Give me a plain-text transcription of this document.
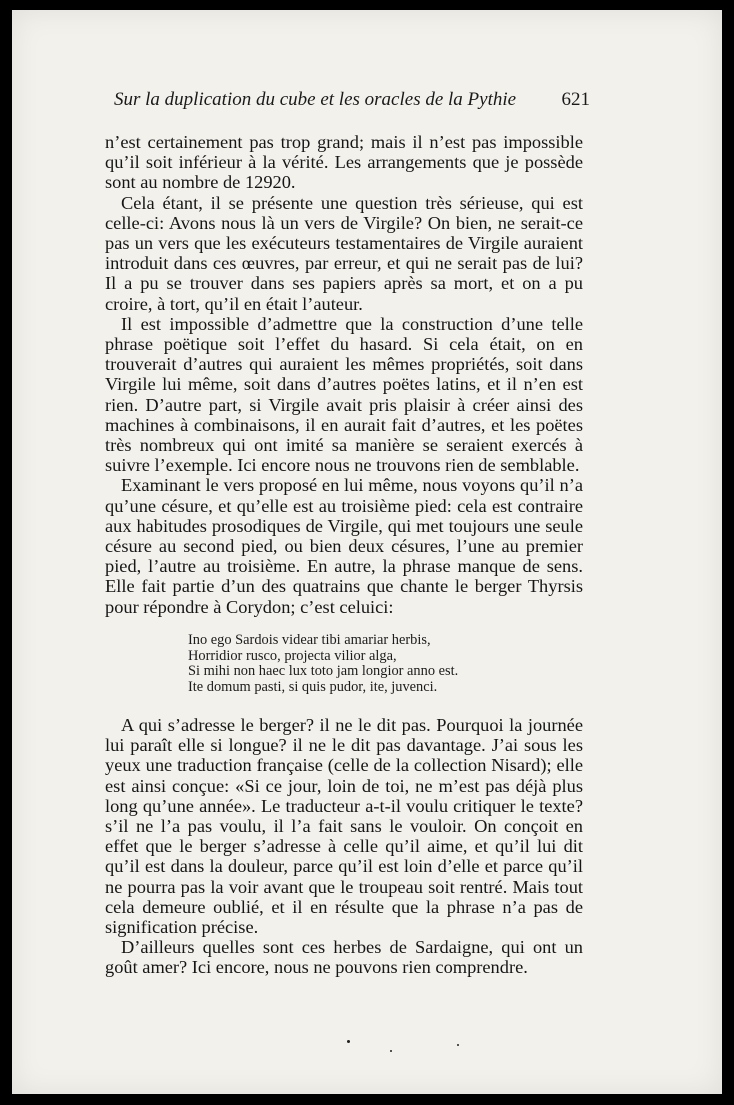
Sur la duplication du cube et les oracles de la Pythie 621

n’est certainement pas trop grand; mais il n’est pas impossible qu’il soit inférieur à la vérité. Les arrangements que je possède sont au nombre de 12920.

Cela étant, il se présente une question très sérieuse, qui est celle-ci: Avons nous là un vers de Virgile? On bien, ne serait-ce pas un vers que les exécuteurs testamentaires de Virgile auraient introduit dans ces œuvres, par erreur, et qui ne serait pas de lui? Il a pu se trouver dans ses papiers après sa mort, et on a pu croire, à tort, qu’il en était l’auteur.

Il est impossible d’admettre que la construction d’une telle phrase poëtique soit l’effet du hasard. Si cela était, on en trouverait d’autres qui auraient les mêmes propriétés, soit dans Virgile lui même, soit dans d’autres poëtes latins, et il n’en est rien. D’autre part, si Virgile avait pris plaisir à créer ainsi des machines à combinaisons, il en aurait fait d’autres, et les poëtes très nombreux qui ont imité sa manière se seraient exercés à suivre l’exemple. Ici encore nous ne trouvons rien de semblable.

Examinant le vers proposé en lui même, nous voyons qu’il n’a qu’une césure, et qu’elle est au troisième pied: cela est contraire aux habitudes prosodiques de Virgile, qui met toujours une seule césure au second pied, ou bien deux césures, l’une au premier pied, l’autre au troisième. En autre, la phrase manque de sens. Elle fait partie d’un des quatrains que chante le berger Thyrsis pour répondre à Corydon; c’est celuici:

Ino ego Sardois videar tibi amariar herbis,
Horridior rusco, projecta vilior alga,
Si mihi non haec lux toto jam longior anno est.
Ite domum pasti, si quis pudor, ite, juvenci.

A qui s’adresse le berger? il ne le dit pas. Pourquoi la journée lui paraît elle si longue? il ne le dit pas davantage. J’ai sous les yeux une traduction française (celle de la collection Nisard); elle est ainsi conçue: «Si ce jour, loin de toi, ne m’est pas déjà plus long qu’une année». Le traducteur a-t-il voulu critiquer le texte? s’il ne l’a pas voulu, il l’a fait sans le vouloir. On conçoit en effet que le berger s’adresse à celle qu’il aime, et qu’il lui dit qu’il est dans la douleur, parce qu’il est loin d’elle et parce qu’il ne pourra pas la voir avant que le troupeau soit rentré. Mais tout cela demeure oublié, et il en résulte que la phrase n’a pas de signification précise.

D’ailleurs quelles sont ces herbes de Sardaigne, qui ont un goût amer? Ici encore, nous ne pouvons rien comprendre.
